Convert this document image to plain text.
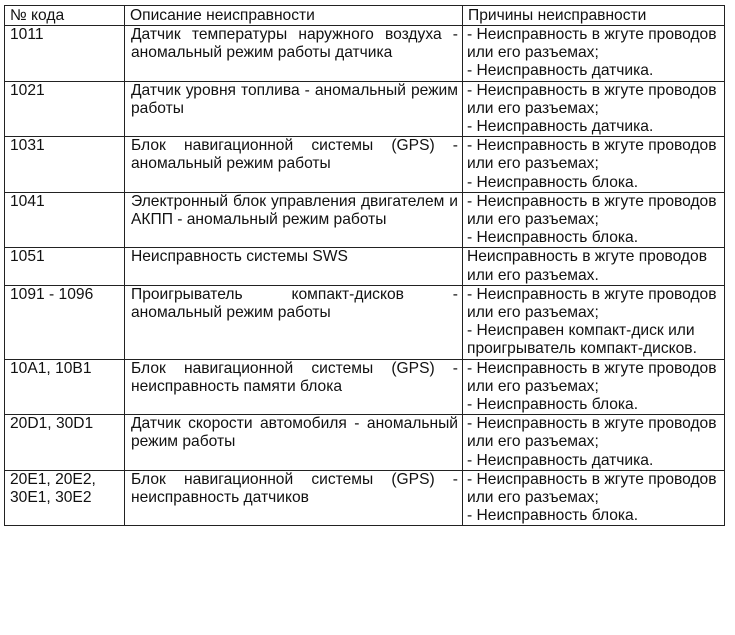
№ кода	Описание неисправности	Причины неисправности
1011	Датчик температуры наружного воздуха - аномальный режим работы датчика	- Неисправность в жгуте проводов или его разъемах;
- Неисправность датчика.

1021	Датчик уровня топлива - аномальный режим работы	- Неисправность в жгуте проводов или его разъемах;
- Неисправность датчика.

1031	Блок навигационной системы (GPS) - аномальный режим работы	- Неисправность в жгуте проводов или его разъемах;
- Неисправность блока.

1041	Электронный блок управления двигателем и АКПП - аномальный режим работы	- Неисправность в жгуте проводов или его разъемах;
- Неисправность блока.

1051	Неисправность системы SWS	Неисправность в жгуте проводов или его разъемах.

1091 - 1096	Проигрыватель компакт-дисков - аномальный режим работы	- Неисправность в жгуте проводов или его разъемах;
- Неисправен компакт-диск или проигрыватель компакт-дисков.

10A1, 10B1	Блок навигационной системы (GPS) - неисправность памяти блока	- Неисправность в жгуте проводов или его разъемах;
- Неисправность блока.

20D1, 30D1	Датчик скорости автомобиля - аномальный режим работы	- Неисправность в жгуте проводов или его разъемах;
- Неисправность датчика.

20E1, 20E2, 30E1, 30E2	Блок навигационной системы (GPS) - неисправность датчиков	- Неисправность в жгуте проводов или его разъемах;
- Неисправность блока.
